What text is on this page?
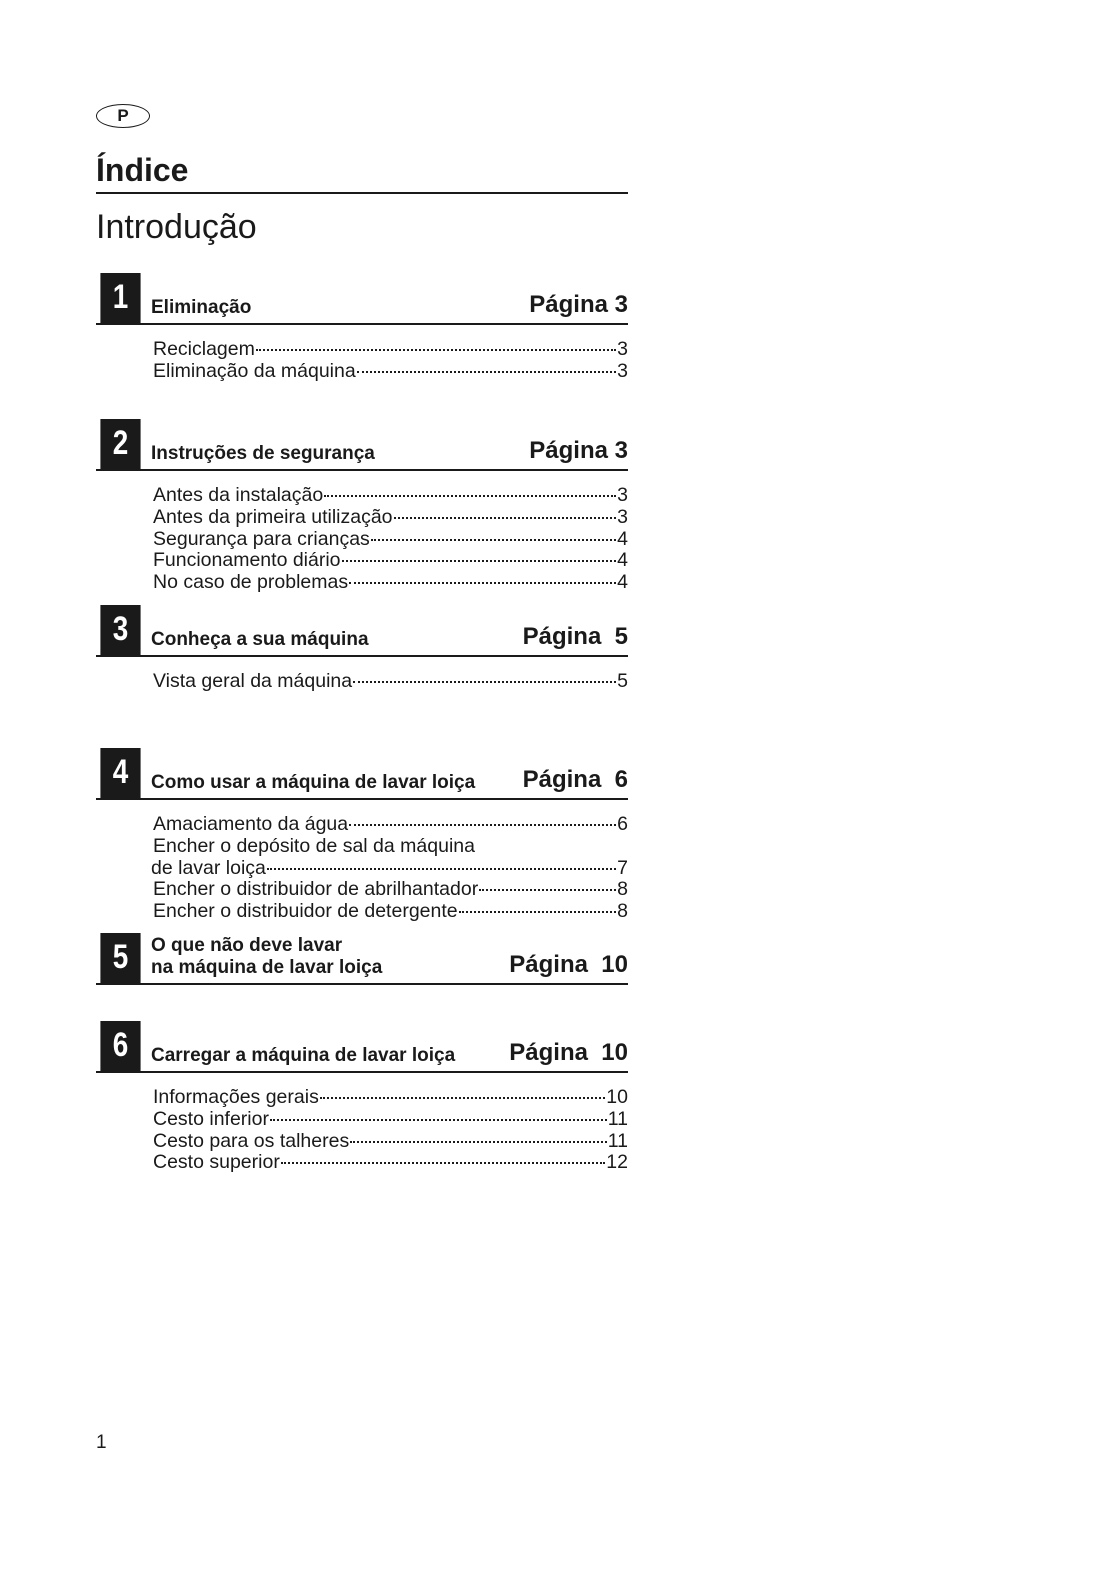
P
Índice
Introdução
1	Eliminação	Página 3
Reciclagem	3
Eliminação da máquina	3
2	Instruções de segurança	Página 3
Antes da instalação	3
Antes da primeira utilização	3
Segurança para crianças	4
Funcionamento diário	4
No caso de problemas	4
3	Conheça a sua máquina	Página  5
Vista geral da máquina	5
4	Como usar a máquina de lavar loiça Página  6
Amaciamento da água	6
Encher o depósito de sal da máquina
de lavar loiça	7
Encher o distribuidor de abrilhantador	8
Encher o distribuidor de detergente	8
5	O que não deve lavar
na máquina de lavar loiça	Página  10
6	Carregar a máquina de lavar loiça Página  10
Informações gerais	10
Cesto inferior	11
Cesto para os talheres	11
Cesto superior	12
1
